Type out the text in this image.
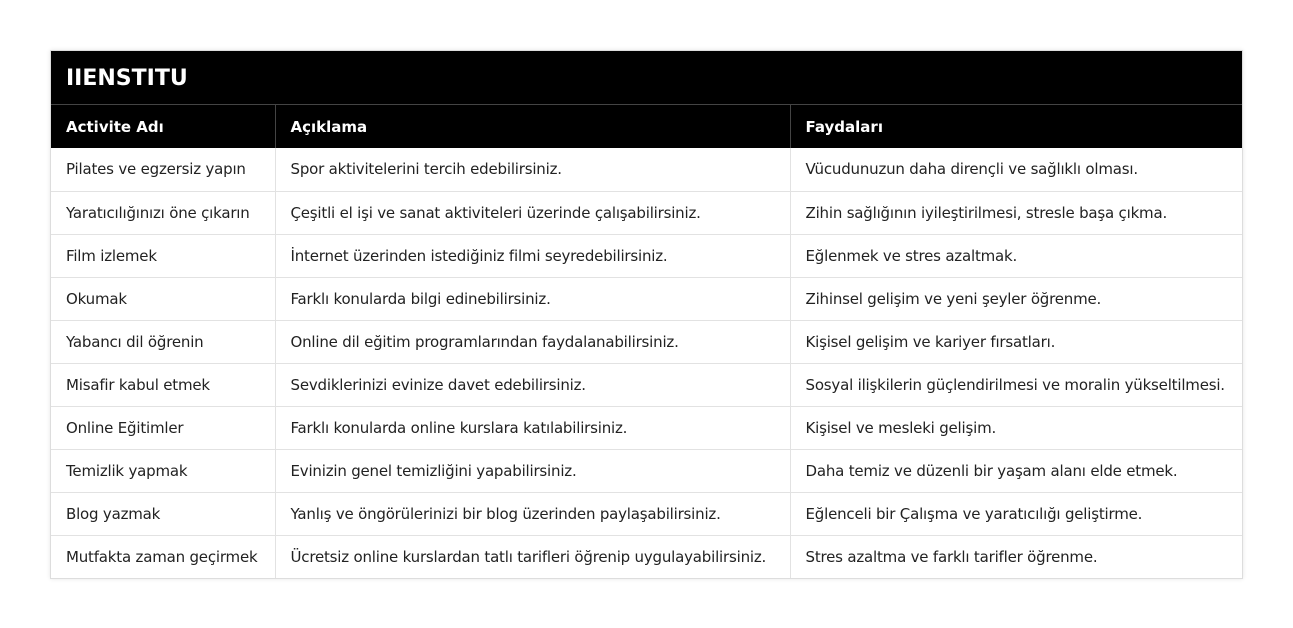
IIENSTITU
Activite Adı	Açıklama	Faydaları
Pilates ve egzersiz yapın	Spor aktivitelerini tercih edebilirsiniz.	Vücudunuzun daha dirençli ve sağlıklı olması.
Yaratıcılığınızı öne çıkarın	Çeşitli el işi ve sanat aktiviteleri üzerinde çalışabilirsiniz.	Zihin sağlığının iyileştirilmesi, stresle başa çıkma.
Film izlemek	İnternet üzerinden istediğiniz filmi seyredebilirsiniz.	Eğlenmek ve stres azaltmak.
Okumak	Farklı konularda bilgi edinebilirsiniz.	Zihinsel gelişim ve yeni şeyler öğrenme.
Yabancı dil öğrenin	Online dil eğitim programlarından faydalanabilirsiniz.	Kişisel gelişim ve kariyer fırsatları.
Misafir kabul etmek	Sevdiklerinizi evinize davet edebilirsiniz.	Sosyal ilişkilerin güçlendirilmesi ve moralin yükseltilmesi.
Online Eğitimler	Farklı konularda online kurslara katılabilirsiniz.	Kişisel ve mesleki gelişim.
Temizlik yapmak	Evinizin genel temizliğini yapabilirsiniz.	Daha temiz ve düzenli bir yaşam alanı elde etmek.
Blog yazmak	Yanlış ve öngörülerinizi bir blog üzerinden paylaşabilirsiniz.	Eğlenceli bir Çalışma ve yaratıcılığı geliştirme.
Mutfakta zaman geçirmek	Ücretsiz online kurslardan tatlı tarifleri öğrenip uygulayabilirsiniz.	Stres azaltma ve farklı tarifler öğrenme.
